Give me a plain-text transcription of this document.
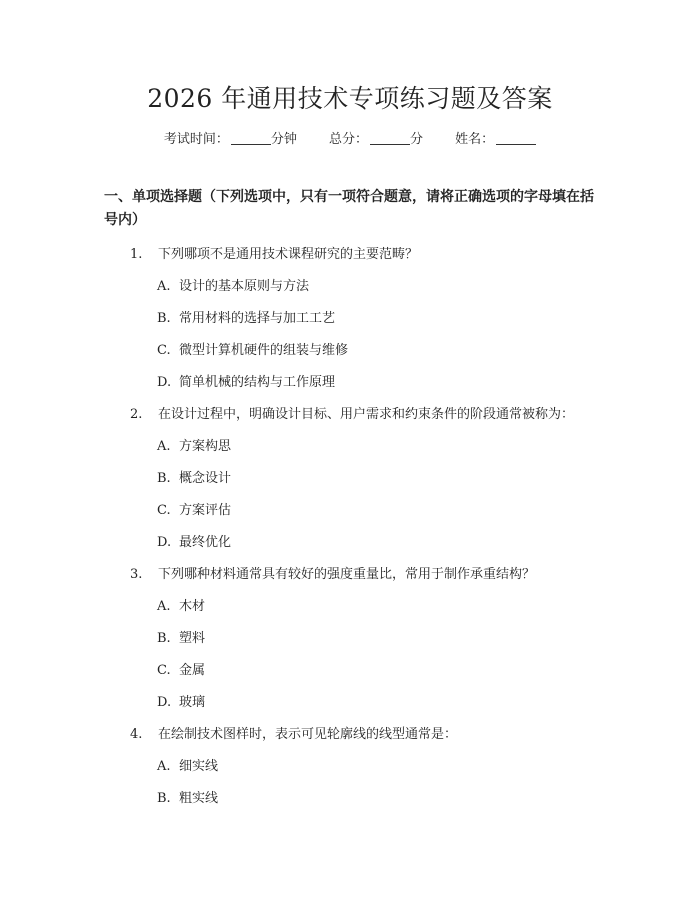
2026 年通用技术专项练习题及答案
考试时间：	分钟 总分：	分 姓名：
一、单项选择题（下列选项中，只有一项符合题意，请将正确选项的字母填在括号内）
1. 下列哪项不是通用技术课程研究的主要范畴？
A. 设计的基本原则与方法
B. 常用材料的选择与加工工艺
C. 微型计算机硬件的组装与维修
D. 简单机械的结构与工作原理
2. 在设计过程中，明确设计目标、用户需求和约束条件的阶段通常被称为：
A. 方案构思
B. 概念设计
C. 方案评估
D. 最终优化
3. 下列哪种材料通常具有较好的强度重量比，常用于制作承重结构？
A. 木材
B. 塑料
C. 金属
D. 玻璃
4. 在绘制技术图样时，表示可见轮廓线的线型通常是：
A. 细实线
B. 粗实线
